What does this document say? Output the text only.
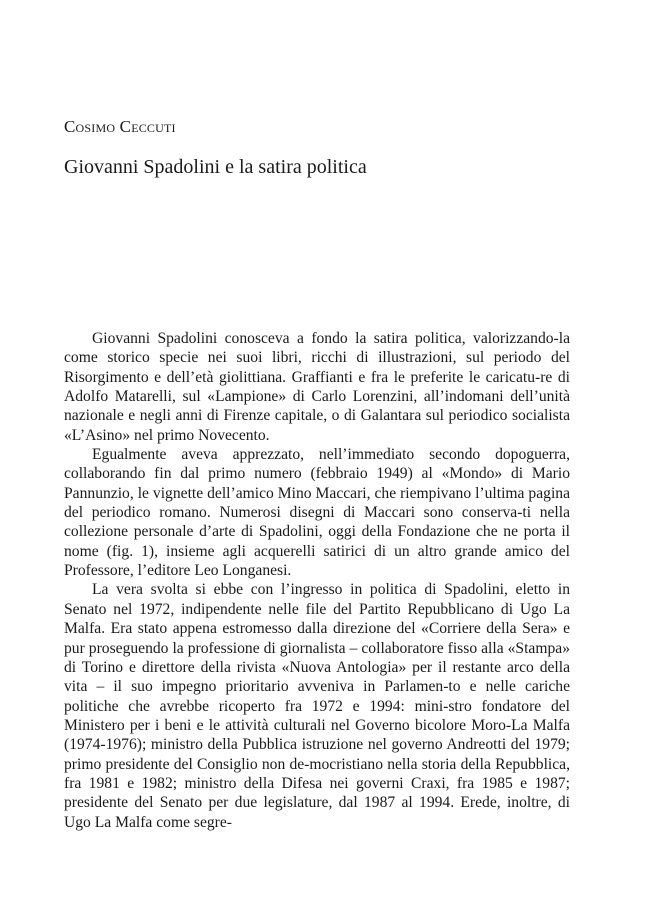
Cosimo Ceccuti
Giovanni Spadolini e la satira politica

Giovanni Spadolini conosceva a fondo la satira politica, valorizzando-la come storico specie nei suoi libri, ricchi di illustrazioni, sul periodo del Risorgimento e dell’età giolittiana. Graffianti e fra le preferite le caricatu-re di Adolfo Matarelli, sul «Lampione» di Carlo Lorenzini, all’indomani dell’unità nazionale e negli anni di Firenze capitale, o di Galantara sul periodico socialista «L’Asino» nel primo Novecento.

Egualmente aveva apprezzato, nell’immediato secondo dopoguerra, collaborando fin dal primo numero (febbraio 1949) al «Mondo» di Mario Pannunzio, le vignette dell’amico Mino Maccari, che riempivano l’ultima pagina del periodico romano. Numerosi disegni di Maccari sono conserva-ti nella collezione personale d’arte di Spadolini, oggi della Fondazione che ne porta il nome (fig. 1), insieme agli acquerelli satirici di un altro grande amico del Professore, l’editore Leo Longanesi.

La vera svolta si ebbe con l’ingresso in politica di Spadolini, eletto in Senato nel 1972, indipendente nelle file del Partito Repubblicano di Ugo La Malfa. Era stato appena estromesso dalla direzione del «Corriere della Sera» e pur proseguendo la professione di giornalista – collaboratore fisso alla «Stampa» di Torino e direttore della rivista «Nuova Antologia» per il restante arco della vita – il suo impegno prioritario avveniva in Parlamen-to e nelle cariche politiche che avrebbe ricoperto fra 1972 e 1994: mini-stro fondatore del Ministero per i beni e le attività culturali nel Governo bicolore Moro-La Malfa (1974-1976); ministro della Pubblica istruzione nel governo Andreotti del 1979; primo presidente del Consiglio non de-mocristiano nella storia della Repubblica, fra 1981 e 1982; ministro della Difesa nei governi Craxi, fra 1985 e 1987; presidente del Senato per due legislature, dal 1987 al 1994. Erede, inoltre, di Ugo La Malfa come segre-
